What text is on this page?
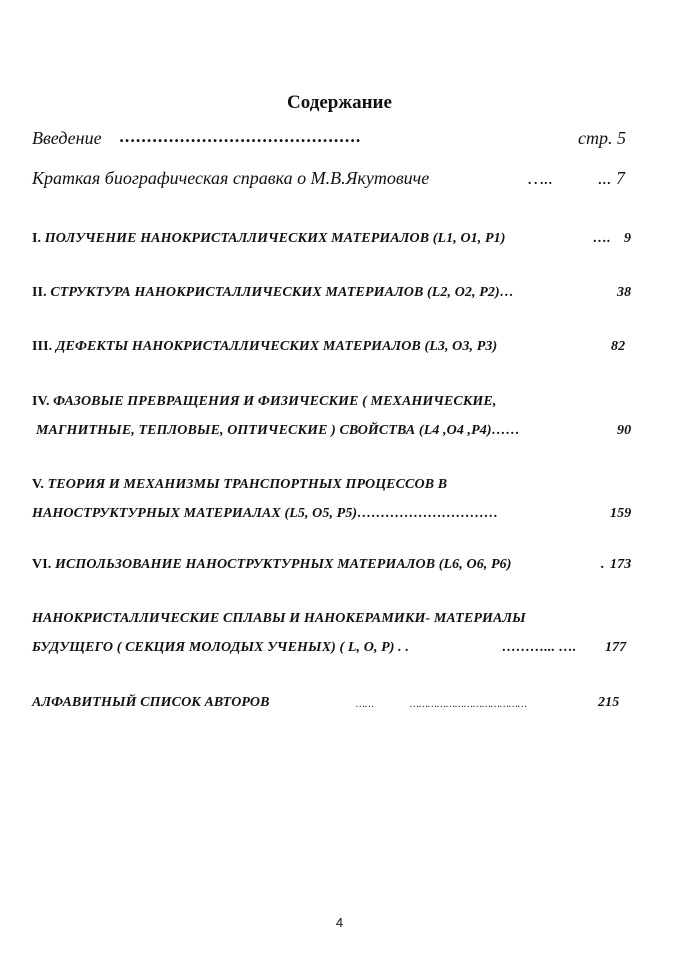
Содержание
Введение ............................................	стр. 5
Краткая биографическая справка о М.В.Якутовиче	….. ... 7
I. ПОЛУЧЕНИЕ НАНОКРИСТАЛЛИЧЕСКИХ МАТЕРИАЛОВ (L1, O1, P1)	…. 9
II. СТРУКТУРА НАНОКРИСТАЛЛИЧЕСКИХ МАТЕРИАЛОВ (L2, O2, P2)…	38
III. ДЕФЕКТЫ НАНОКРИСТАЛЛИЧЕСКИХ МАТЕРИАЛОВ (L3, O3, P3)	82
IV. ФАЗОВЫЕ ПРЕВРАЩЕНИЯ И ФИЗИЧЕСКИЕ ( МЕХАНИЧЕСКИЕ,
МАГНИТНЫЕ, ТЕПЛОВЫЕ, ОПТИЧЕСКИЕ ) СВОЙСТВА (L4 ,O4 ,P4)……	90
V. ТЕОРИЯ И МЕХАНИЗМЫ ТРАНСПОРТНЫХ ПРОЦЕССОВ В
НАНОСТРУКТУРНЫХ МАТЕРИАЛАХ (L5, O5, P5)…………………………	159
VI. ИСПОЛЬЗОВАНИЕ НАНОСТРУКТУРНЫХ МАТЕРИАЛОВ (L6, O6, P6)	. 173
НАНОКРИСТАЛЛИЧЕСКИЕ СПЛАВЫ И НАНОКЕРАМИКИ- МАТЕРИАЛЫ
БУДУЩЕГО ( СЕКЦИЯ МОЛОДЫХ УЧЕНЫХ) ( L, O, P) . .	………... …. 177
АЛФАВИТНЫЙ СПИСОК АВТОРОВ	……	…………………………………	215
4
